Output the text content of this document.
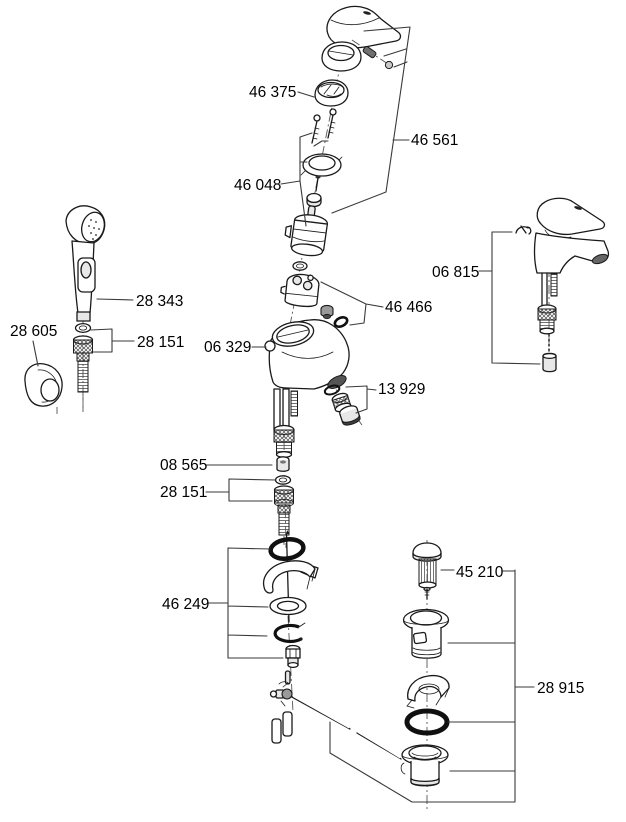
46 375
46 561
46 048
06 815
46 466
28 343
28 605
28 151 06 329
13 929
08 565
28 151
46 249
45 210
28 915
